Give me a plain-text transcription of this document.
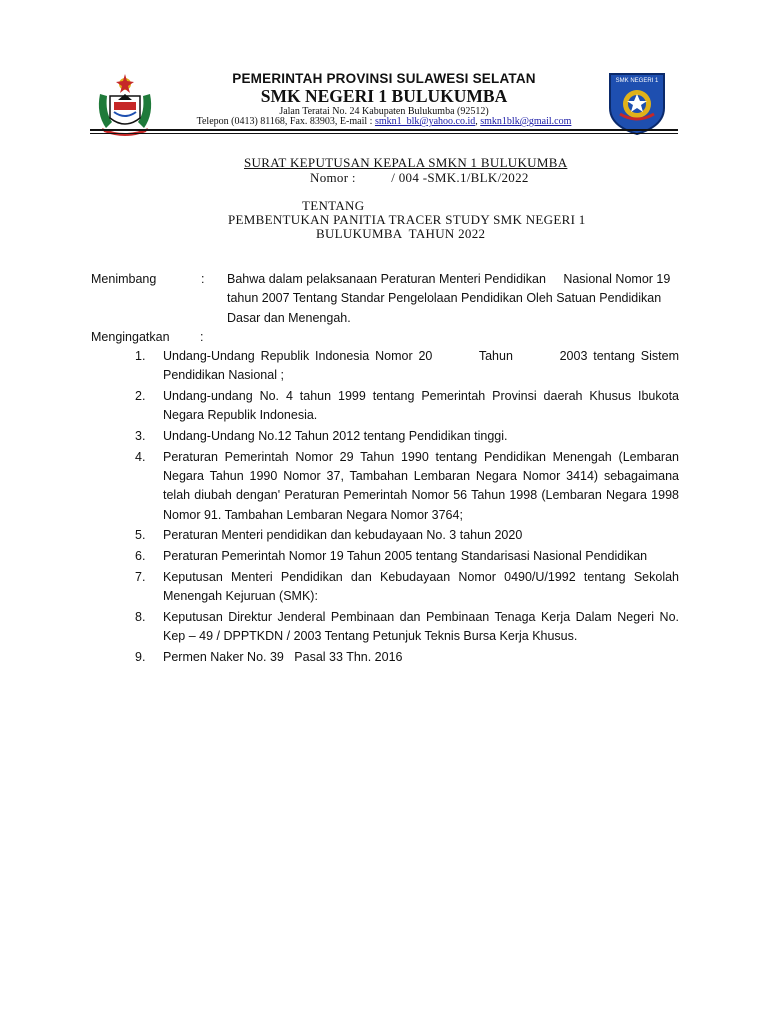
PEMERINTAH PROVINSI SULAWESI SELATAN
SMK NEGERI 1 BULUKUMBA
Jalan Teratai No. 24 Kabupaten Bulukumba (92512)
Telepon (0413) 81168, Fax. 83903, E-mail : smkn1_blk@yahoo.co.id, smkn1blk@gmail.com
SMK NEGERI 1
SURAT KEPUTUSAN KEPALA SMKN 1 BULUKUMBA
Nomor :          / 004 -SMK.1/BLK/2022
TENTANG
PEMBENTUKAN PANITIA TRACER STUDY SMK NEGERI 1
BULUKUMBA  TAHUN 2022
Menimbang	: Bahwa dalam pelaksanaan Peraturan Menteri Pendidikan     Nasional Nomor 19 tahun 2007 Tentang Standar Pengelolaan Pendidikan Oleh Satuan Pendidikan Dasar dan Menengah.
Mengingatkan :
1.	Undang-Undang Republik Indonesia Nomor 20        Tahun        2003 tentang Sistem Pendidikan Nasional ;
2.	Undang-undang No. 4 tahun 1999 tentang Pemerintah Provinsi daerah Khusus Ibukota Negara Republik Indonesia.
3.	Undang-Undang No.12 Tahun 2012 tentang Pendidikan tinggi.
4.	Peraturan Pemerintah Nomor 29 Tahun 1990 tentang Pendidikan Menengah (Lembaran Negara Tahun 1990 Nomor 37, Tambahan Lembaran Negara Nomor 3414) sebagaimana telah diubah dengan' Peraturan Pemerintah Nomor 56 Tahun 1998 (Lembaran Negara 1998 Nomor 91. Tambahan Lembaran Negara Nomor 3764;
5.	Peraturan Menteri pendidikan dan kebudayaan No. 3 tahun 2020
6.	Peraturan Pemerintah Nomor 19 Tahun 2005 tentang Standarisasi Nasional Pendidikan
7.	Keputusan Menteri Pendidikan dan Kebudayaan Nomor 0490/U/1992 tentang Sekolah Menengah Kejuruan (SMK):
8.	Keputusan Direktur Jenderal Pembinaan dan Pembinaan Tenaga Kerja Dalam Negeri No. Kep – 49 / DPPTKDN / 2003 Tentang Petunjuk Teknis Bursa Kerja Khusus.
9.	Permen Naker No. 39   Pasal 33 Thn. 2016
